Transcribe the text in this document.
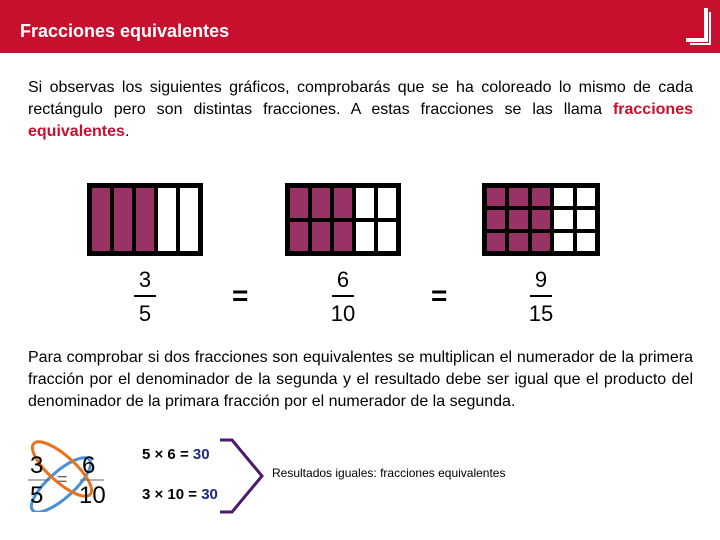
Fracciones equivalentes

Si observas los siguientes gráficos, comprobarás que se ha coloreado lo mismo de cada rectángulo pero son distintas fracciones. A estas fracciones se las llama fracciones equivalentes.

3
5
=
6
10
=
9
15

Para comprobar si dos fracciones son equivalentes se multiplican el numerador de la primera fracción por el denominador de la segunda y el resultado debe ser igual que el producto del denominador de la primara fracción por el numerador de la segunda.

3
5
6
10
=
5 × 6 = 30
3 × 10 = 30
Resultados iguales: fracciones equivalentes
